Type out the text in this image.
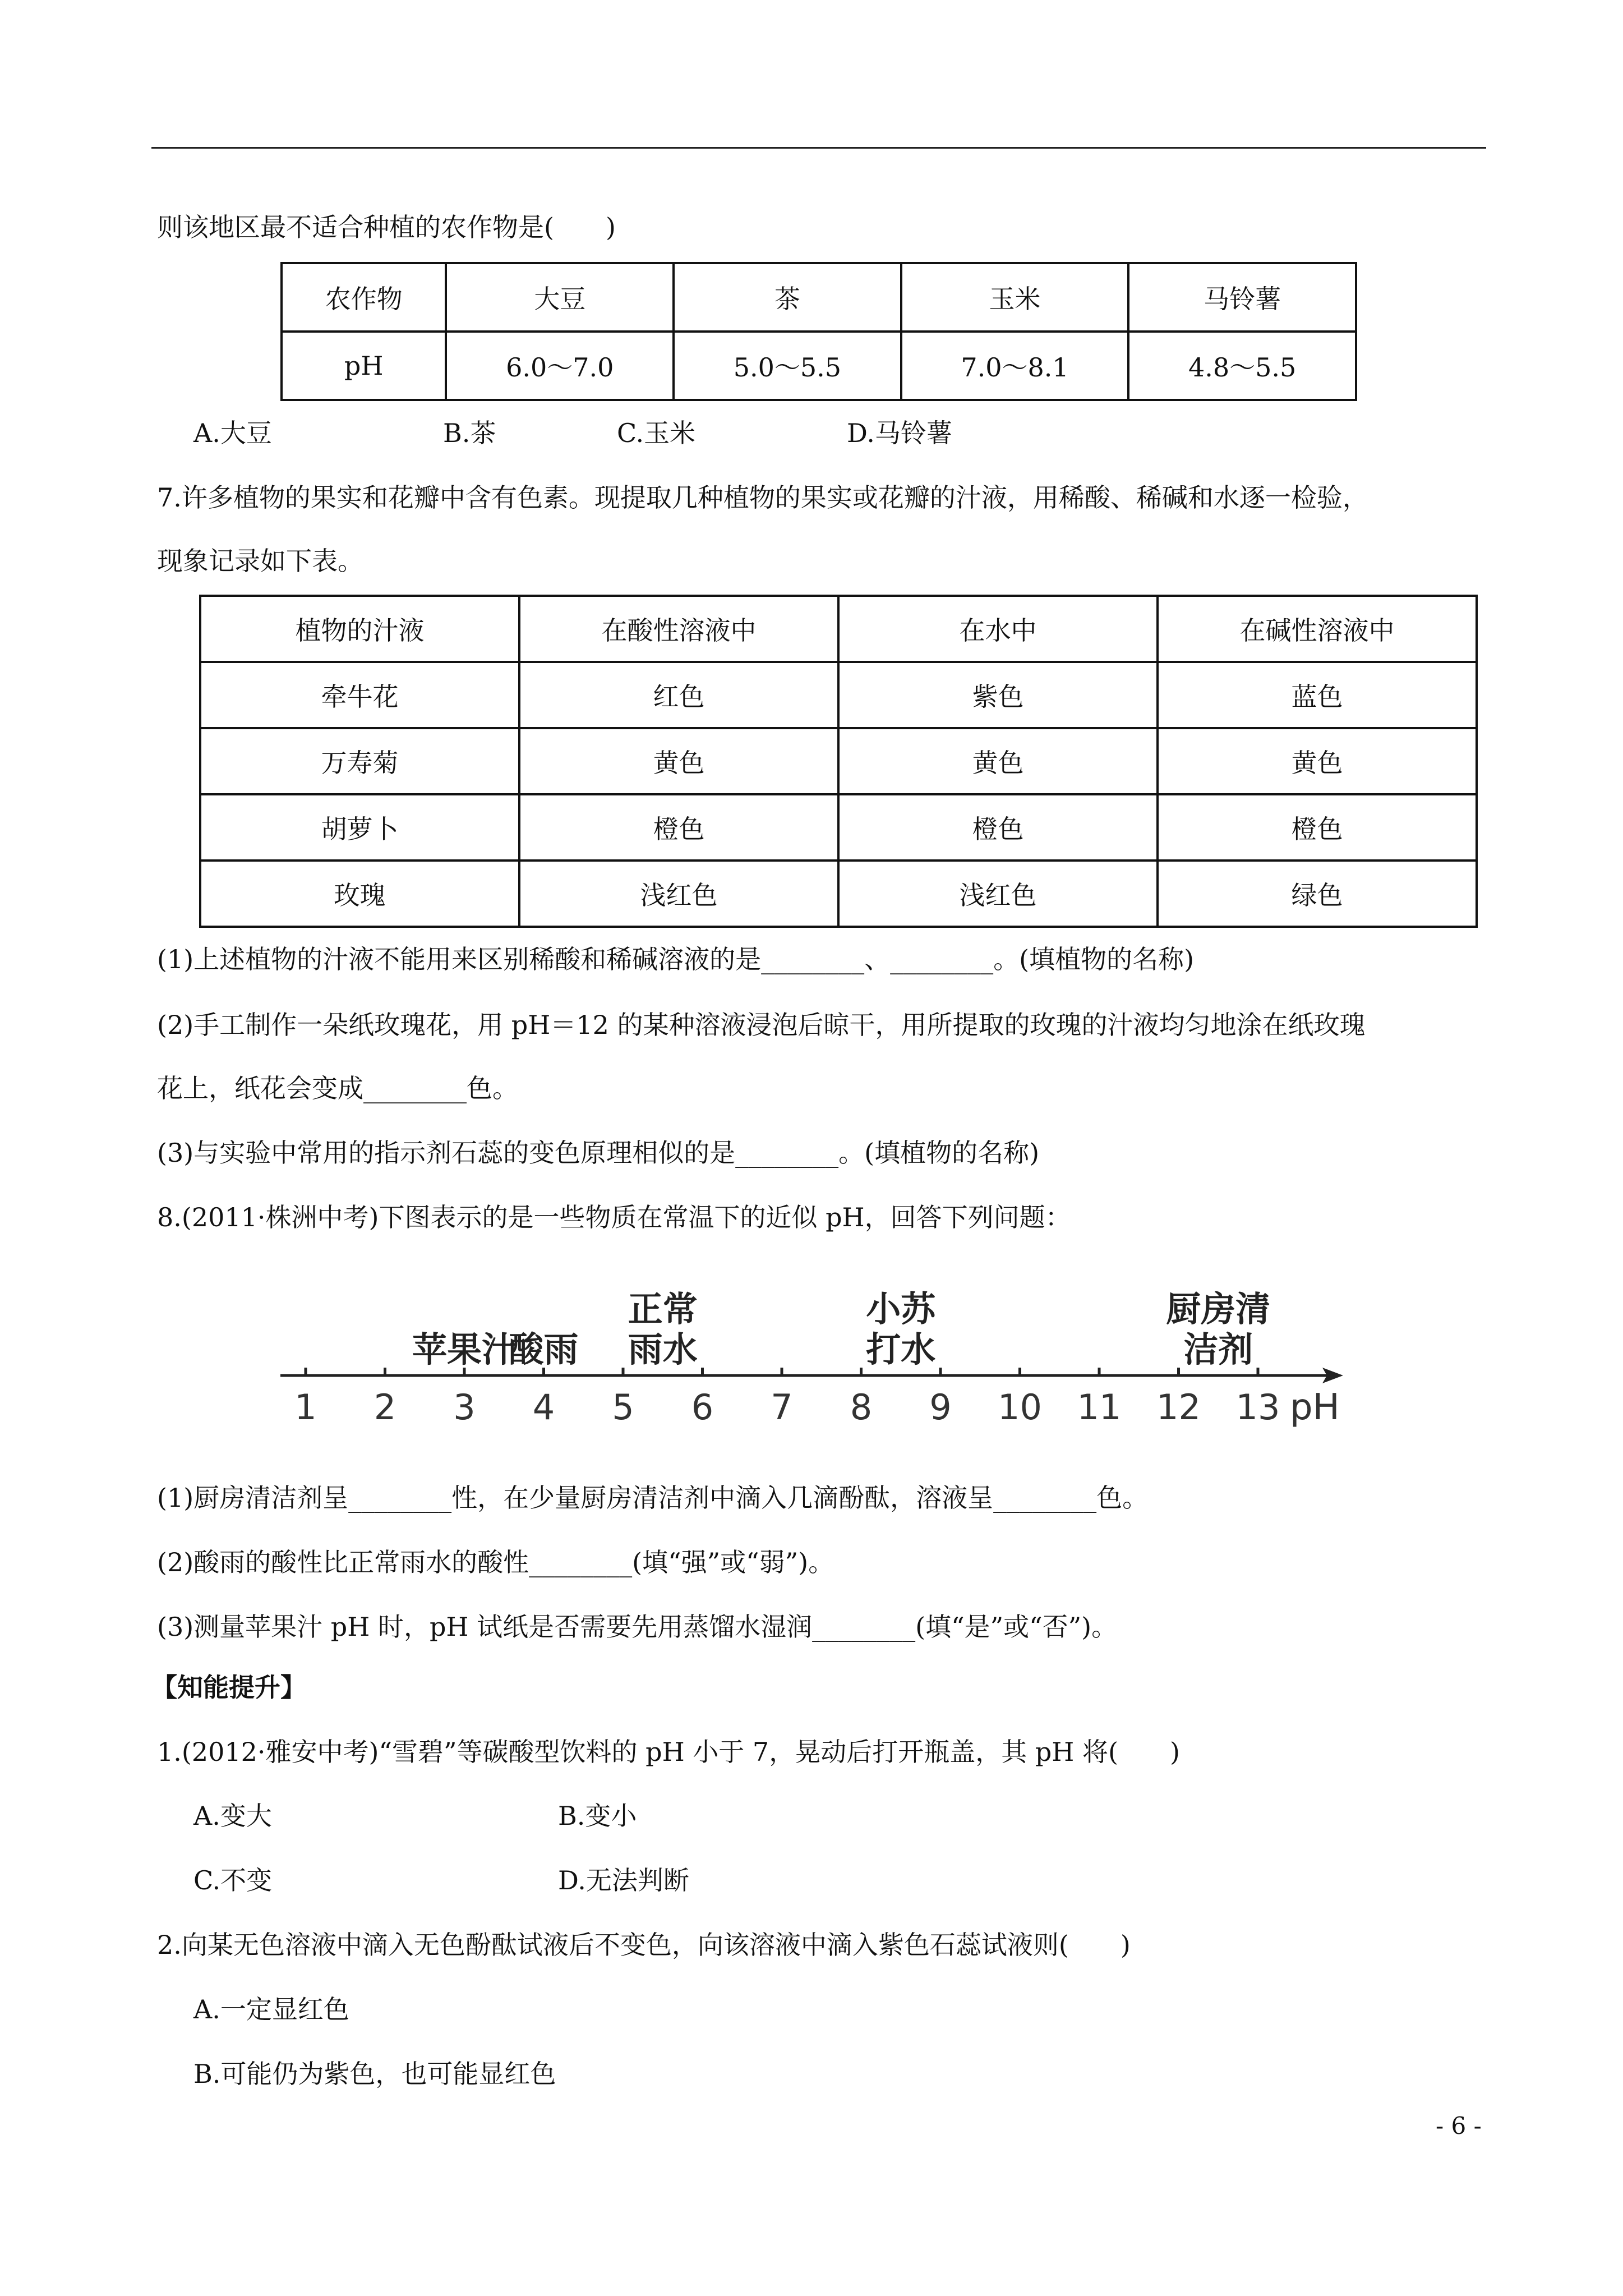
则该地区最不适合种植的农作物是(　　)
农作物	大豆	茶	玉米	马铃薯
pH	6.0～7.0	5.0～5.5	7.0～8.1	4.8～5.5
A.大豆	B.茶	C.玉米	D.马铃薯
7.许多植物的果实和花瓣中含有色素。现提取几种植物的果实或花瓣的汁液，用稀酸、稀碱和水逐一检验，
现象记录如下表。
植物的汁液	在酸性溶液中	在水中	在碱性溶液中
牵牛花	红色	紫色	蓝色
万寿菊	黄色	黄色	黄色
胡萝卜	橙色	橙色	橙色
玫瑰	浅红色	浅红色	绿色
(1)上述植物的汁液不能用来区别稀酸和稀碱溶液的是________、________。(填植物的名称)
(2)手工制作一朵纸玫瑰花，用 pH＝12 的某种溶液浸泡后晾干，用所提取的玫瑰的汁液均匀地涂在纸玫瑰
花上，纸花会变成________色。
(3)与实验中常用的指示剂石蕊的变色原理相似的是________。(填植物的名称)
8.(2011·株洲中考)下图表示的是一些物质在常温下的近似 pH，回答下列问题：
1 2 3 4 5 6 7 8 9 10 11 12 13
苹果汁
酸雨
正常
雨水
小苏
打水
厨房清
洁剂
pH
(1)厨房清洁剂呈________性，在少量厨房清洁剂中滴入几滴酚酞，溶液呈________色。
(2)酸雨的酸性比正常雨水的酸性________(填“强”或“弱”)。
(3)测量苹果汁 pH 时，pH 试纸是否需要先用蒸馏水湿润________(填“是”或“否”)。
【知能提升】
1.(2012·雅安中考)“雪碧”等碳酸型饮料的 pH 小于 7，晃动后打开瓶盖，其 pH 将(　　)
A.变大	B.变小
C.不变	D.无法判断
2.向某无色溶液中滴入无色酚酞试液后不变色，向该溶液中滴入紫色石蕊试液则(　　)
A.一定显红色
B.可能仍为紫色，也可能显红色
- 6 -
